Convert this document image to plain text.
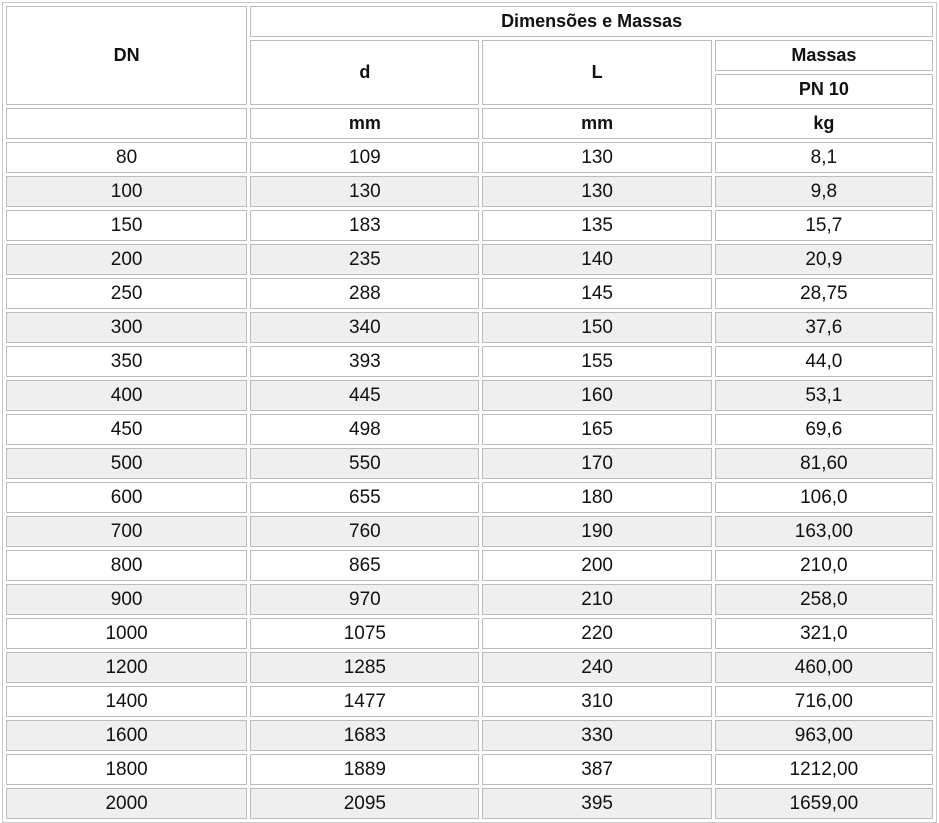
DN	Dimensões e Massas		
	d	L	Massas
			PN 10
	mm	mm	kg
80	109	130	8,1
100	130	130	9,8
150	183	135	15,7
200	235	140	20,9
250	288	145	28,75
300	340	150	37,6
350	393	155	44,0
400	445	160	53,1
450	498	165	69,6
500	550	170	81,60
600	655	180	106,0
700	760	190	163,00
800	865	200	210,0
900	970	210	258,0
1000	1075	220	321,0
1200	1285	240	460,00
1400	1477	310	716,00
1600	1683	330	963,00
1800	1889	387	1212,00
2000	2095	395	1659,00
